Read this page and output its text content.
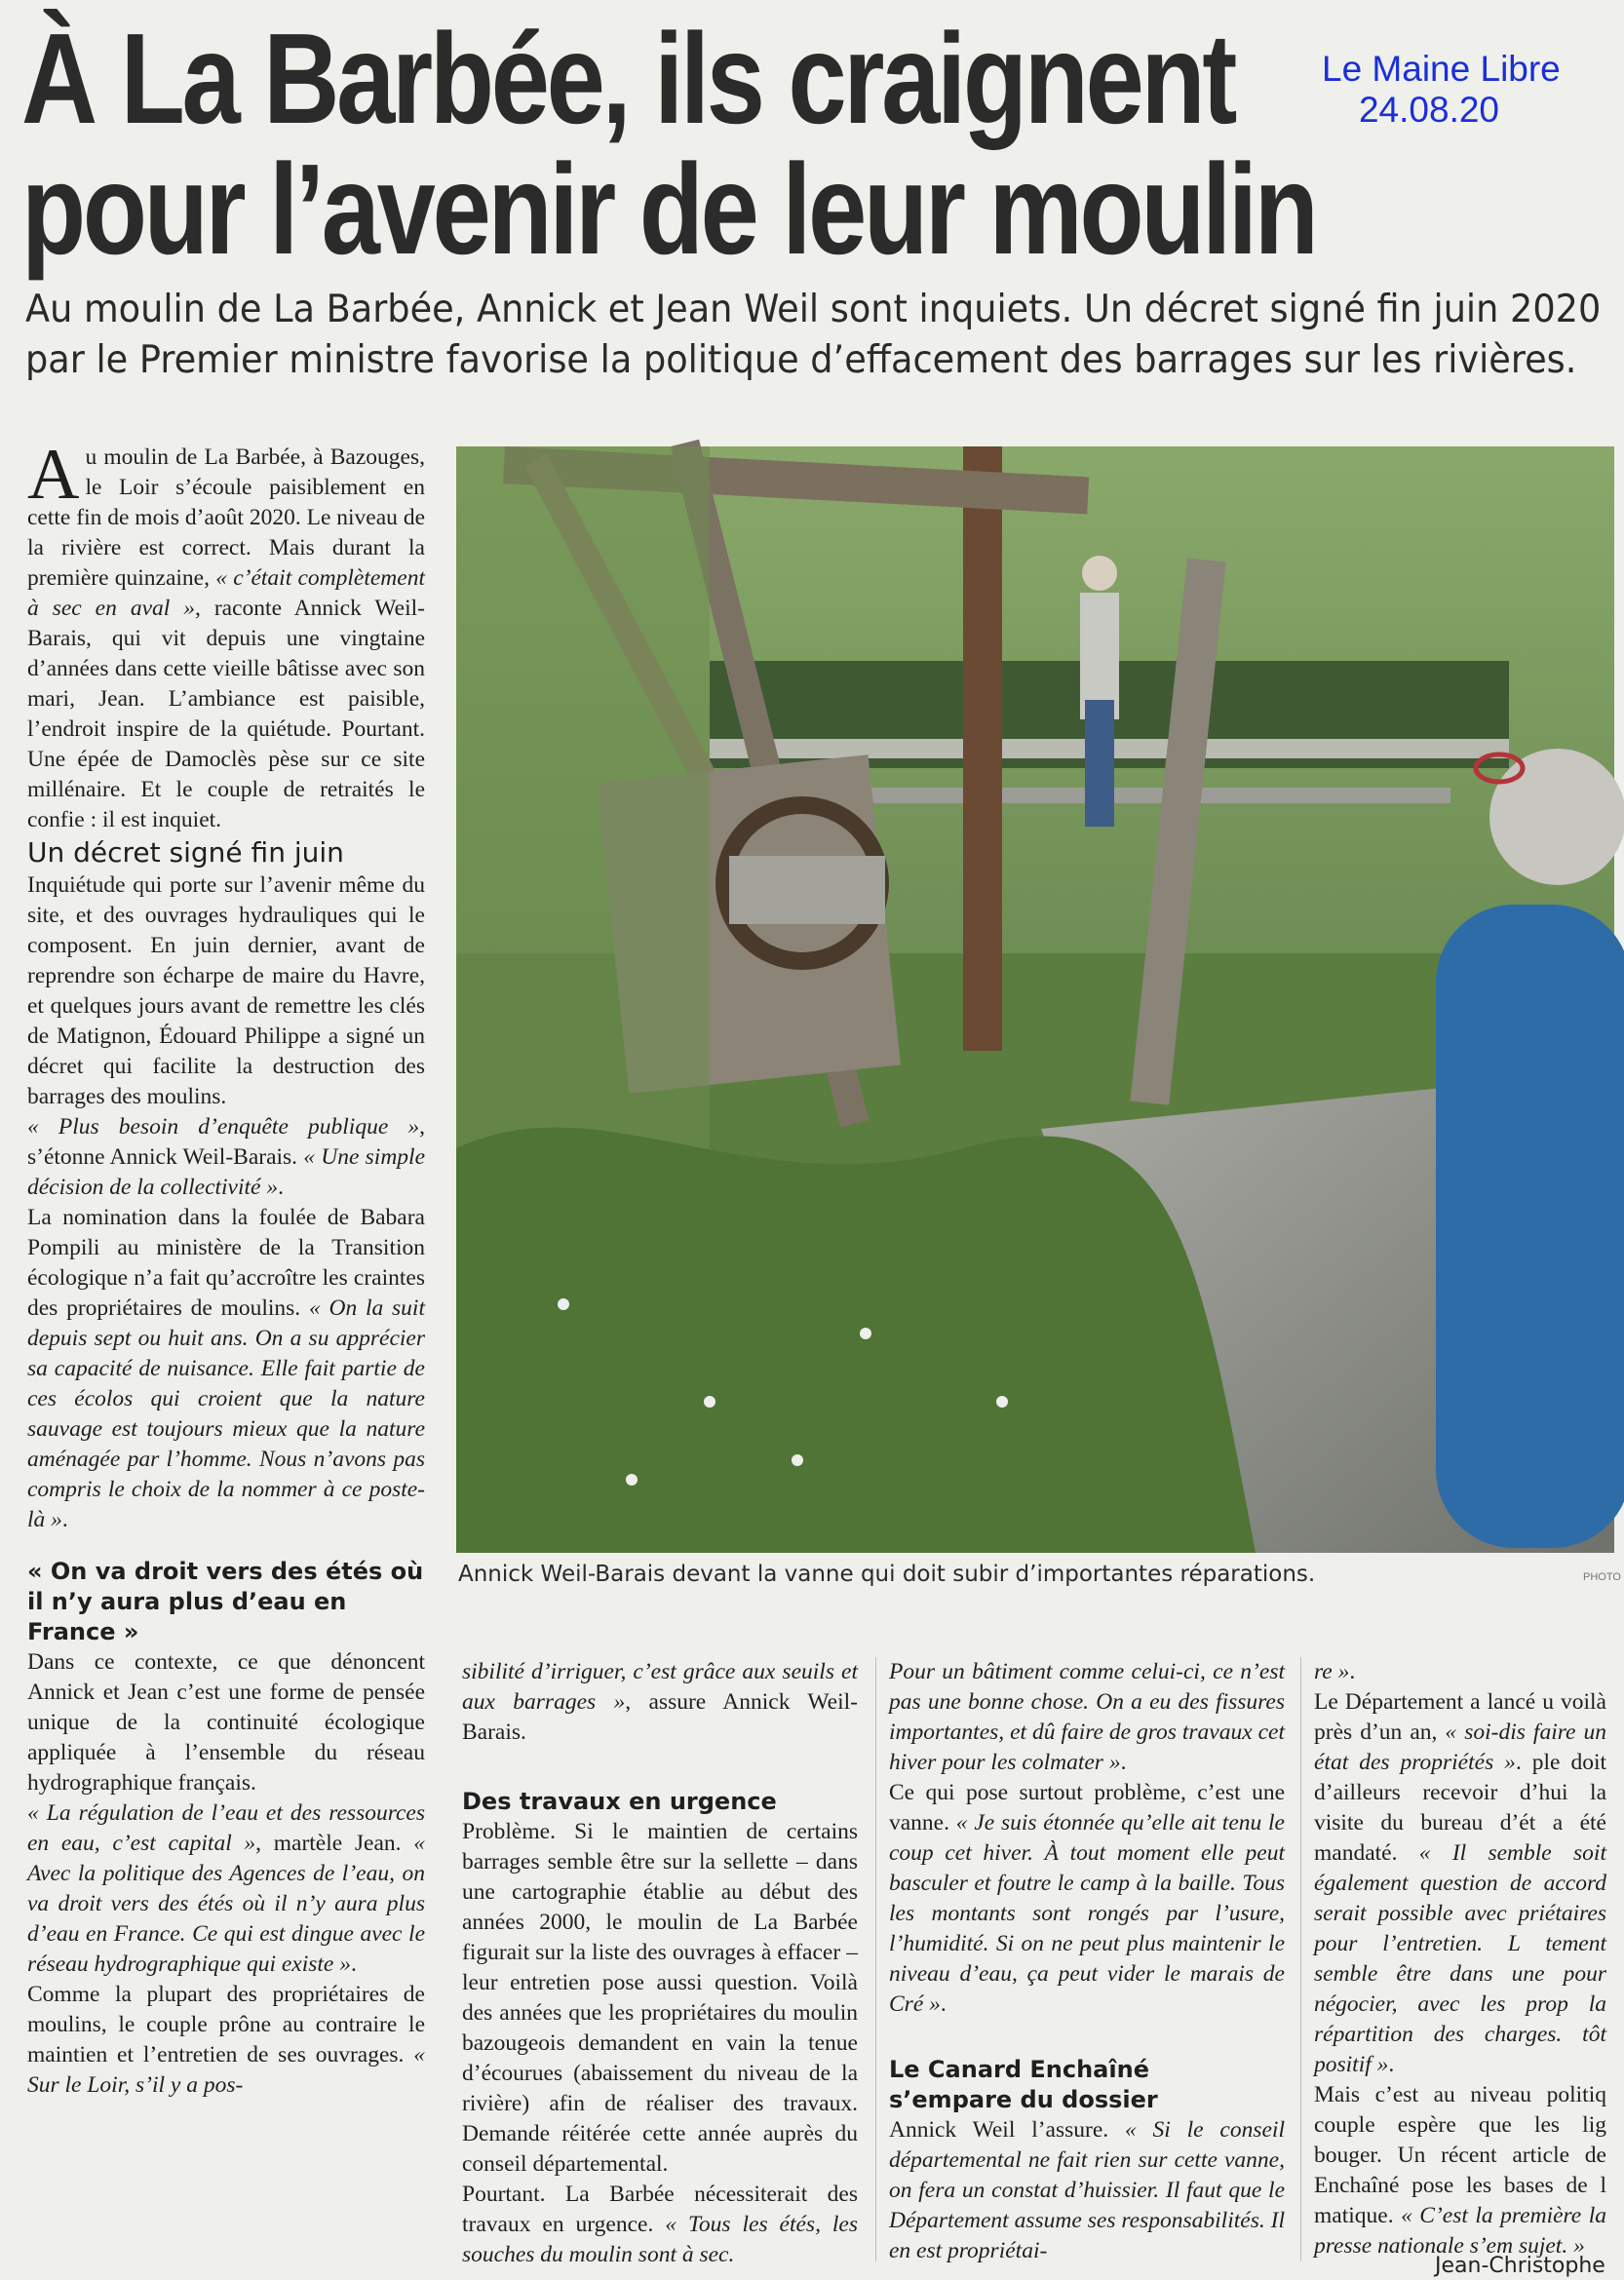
À La Barbée, ils craignent
pour l’avenir de leur moulin
Le Maine Libre
24.08.20
Au moulin de La Barbée, Annick et Jean Weil sont inquiets. Un décret signé fin juin 2020
par le Premier ministre favorise la politique d’effacement des barrages sur les rivières.

Au moulin de La Barbée, à Bazouges, le Loir s’écoule paisiblement en cette fin de mois d’août 2020. Le niveau de la rivière est correct. Mais durant la première quinzaine, « c’était complètement à sec en aval », raconte Annick Weil-Barais, qui vit depuis une vingtaine d’années dans cette vieille bâtisse avec son mari, Jean. L’ambiance est paisible, l’endroit inspire de la quiétude. Pourtant. Une épée de Damoclès pèse sur ce site millénaire. Et le couple de retraités le confie : il est inquiet.

Un décret signé fin juin

Inquiétude qui porte sur l’avenir même du site, et des ouvrages hydrauliques qui le composent. En juin dernier, avant de reprendre son écharpe de maire du Havre, et quelques jours avant de remettre les clés de Matignon, Édouard Philippe a signé un décret qui facilite la destruction des barrages des moulins.

« Plus besoin d’enquête publique », s’étonne Annick Weil-Barais. « Une simple décision de la collectivité ».

La nomination dans la foulée de Babara Pompili au ministère de la Transition écologique n’a fait qu’accroître les craintes des propriétaires de moulins. « On la suit depuis sept ou huit ans. On a su apprécier sa capacité de nuisance. Elle fait partie de ces écolos qui croient que la nature sauvage est toujours mieux que la nature aménagée par l’homme. Nous n’avons pas compris le choix de la nommer à ce poste-là ».

« On va droit vers des étés où il n’y aura plus d’eau en France »

Dans ce contexte, ce que dénoncent Annick et Jean c’est une forme de pensée unique de la continuité écologique appliquée à l’ensemble du réseau hydrographique français.

« La régulation de l’eau et des ressources en eau, c’est capital », martèle Jean. « Avec la politique des Agences de l’eau, on va droit vers des étés où il n’y aura plus d’eau en France. Ce qui est dingue avec le réseau hydrographique qui existe ».

Comme la plupart des propriétaires de moulins, le couple prône au contraire le maintien et l’entretien de ses ouvrages. « Sur le Loir, s’il y a pos-

Annick Weil-Barais devant la vanne qui doit subir d’importantes réparations.	PHOTO

sibilité d’irriguer, c’est grâce aux seuils et aux barrages », assure Annick Weil-Barais.

Des travaux en urgence

Problème. Si le maintien de certains barrages semble être sur la sellette – dans une cartographie établie au début des années 2000, le moulin de La Barbée figurait sur la liste des ouvrages à effacer – leur entretien pose aussi question. Voilà des années que les propriétaires du moulin bazougeois demandent en vain la tenue d’écourues (abaissement du niveau de la rivière) afin de réaliser des travaux. Demande réitérée cette année auprès du conseil départemental.

Pourtant. La Barbée nécessiterait des travaux en urgence. « Tous les étés, les souches du moulin sont à sec.

Pour un bâtiment comme celui-ci, ce n’est pas une bonne chose. On a eu des fissures importantes, et dû faire de gros travaux cet hiver pour les colmater ».

Ce qui pose surtout problème, c’est une vanne. « Je suis étonnée qu’elle ait tenu le coup cet hiver. À tout moment elle peut basculer et foutre le camp à la baille. Tous les montants sont rongés par l’usure, l’humidité. Si on ne peut plus maintenir le niveau d’eau, ça peut vider le marais de Cré ».

Le Canard Enchaîné
s’empare du dossier

Annick Weil l’assure. « Si le conseil départemental ne fait rien sur cette vanne, on fera un constat d’huissier. Il faut que le Département assume ses responsabilités. Il en est propriétai-

re ».

Le Département a lancé u voilà près d’un an, « soi-dis faire un état des propriétés ». ple doit d’ailleurs recevoir d’hui la visite du bureau d’ét a été mandaté. « Il semble soit également question de accord serait possible avec priétaires pour l’entretien. L tement semble être dans une pour négocier, avec les prop la répartition des charges. tôt positif ».

Mais c’est au niveau politiq couple espère que les lig bouger. Un récent article de Enchaîné pose les bases de l matique. « C’est la première la presse nationale s’em sujet. »

Jean-Christophe
